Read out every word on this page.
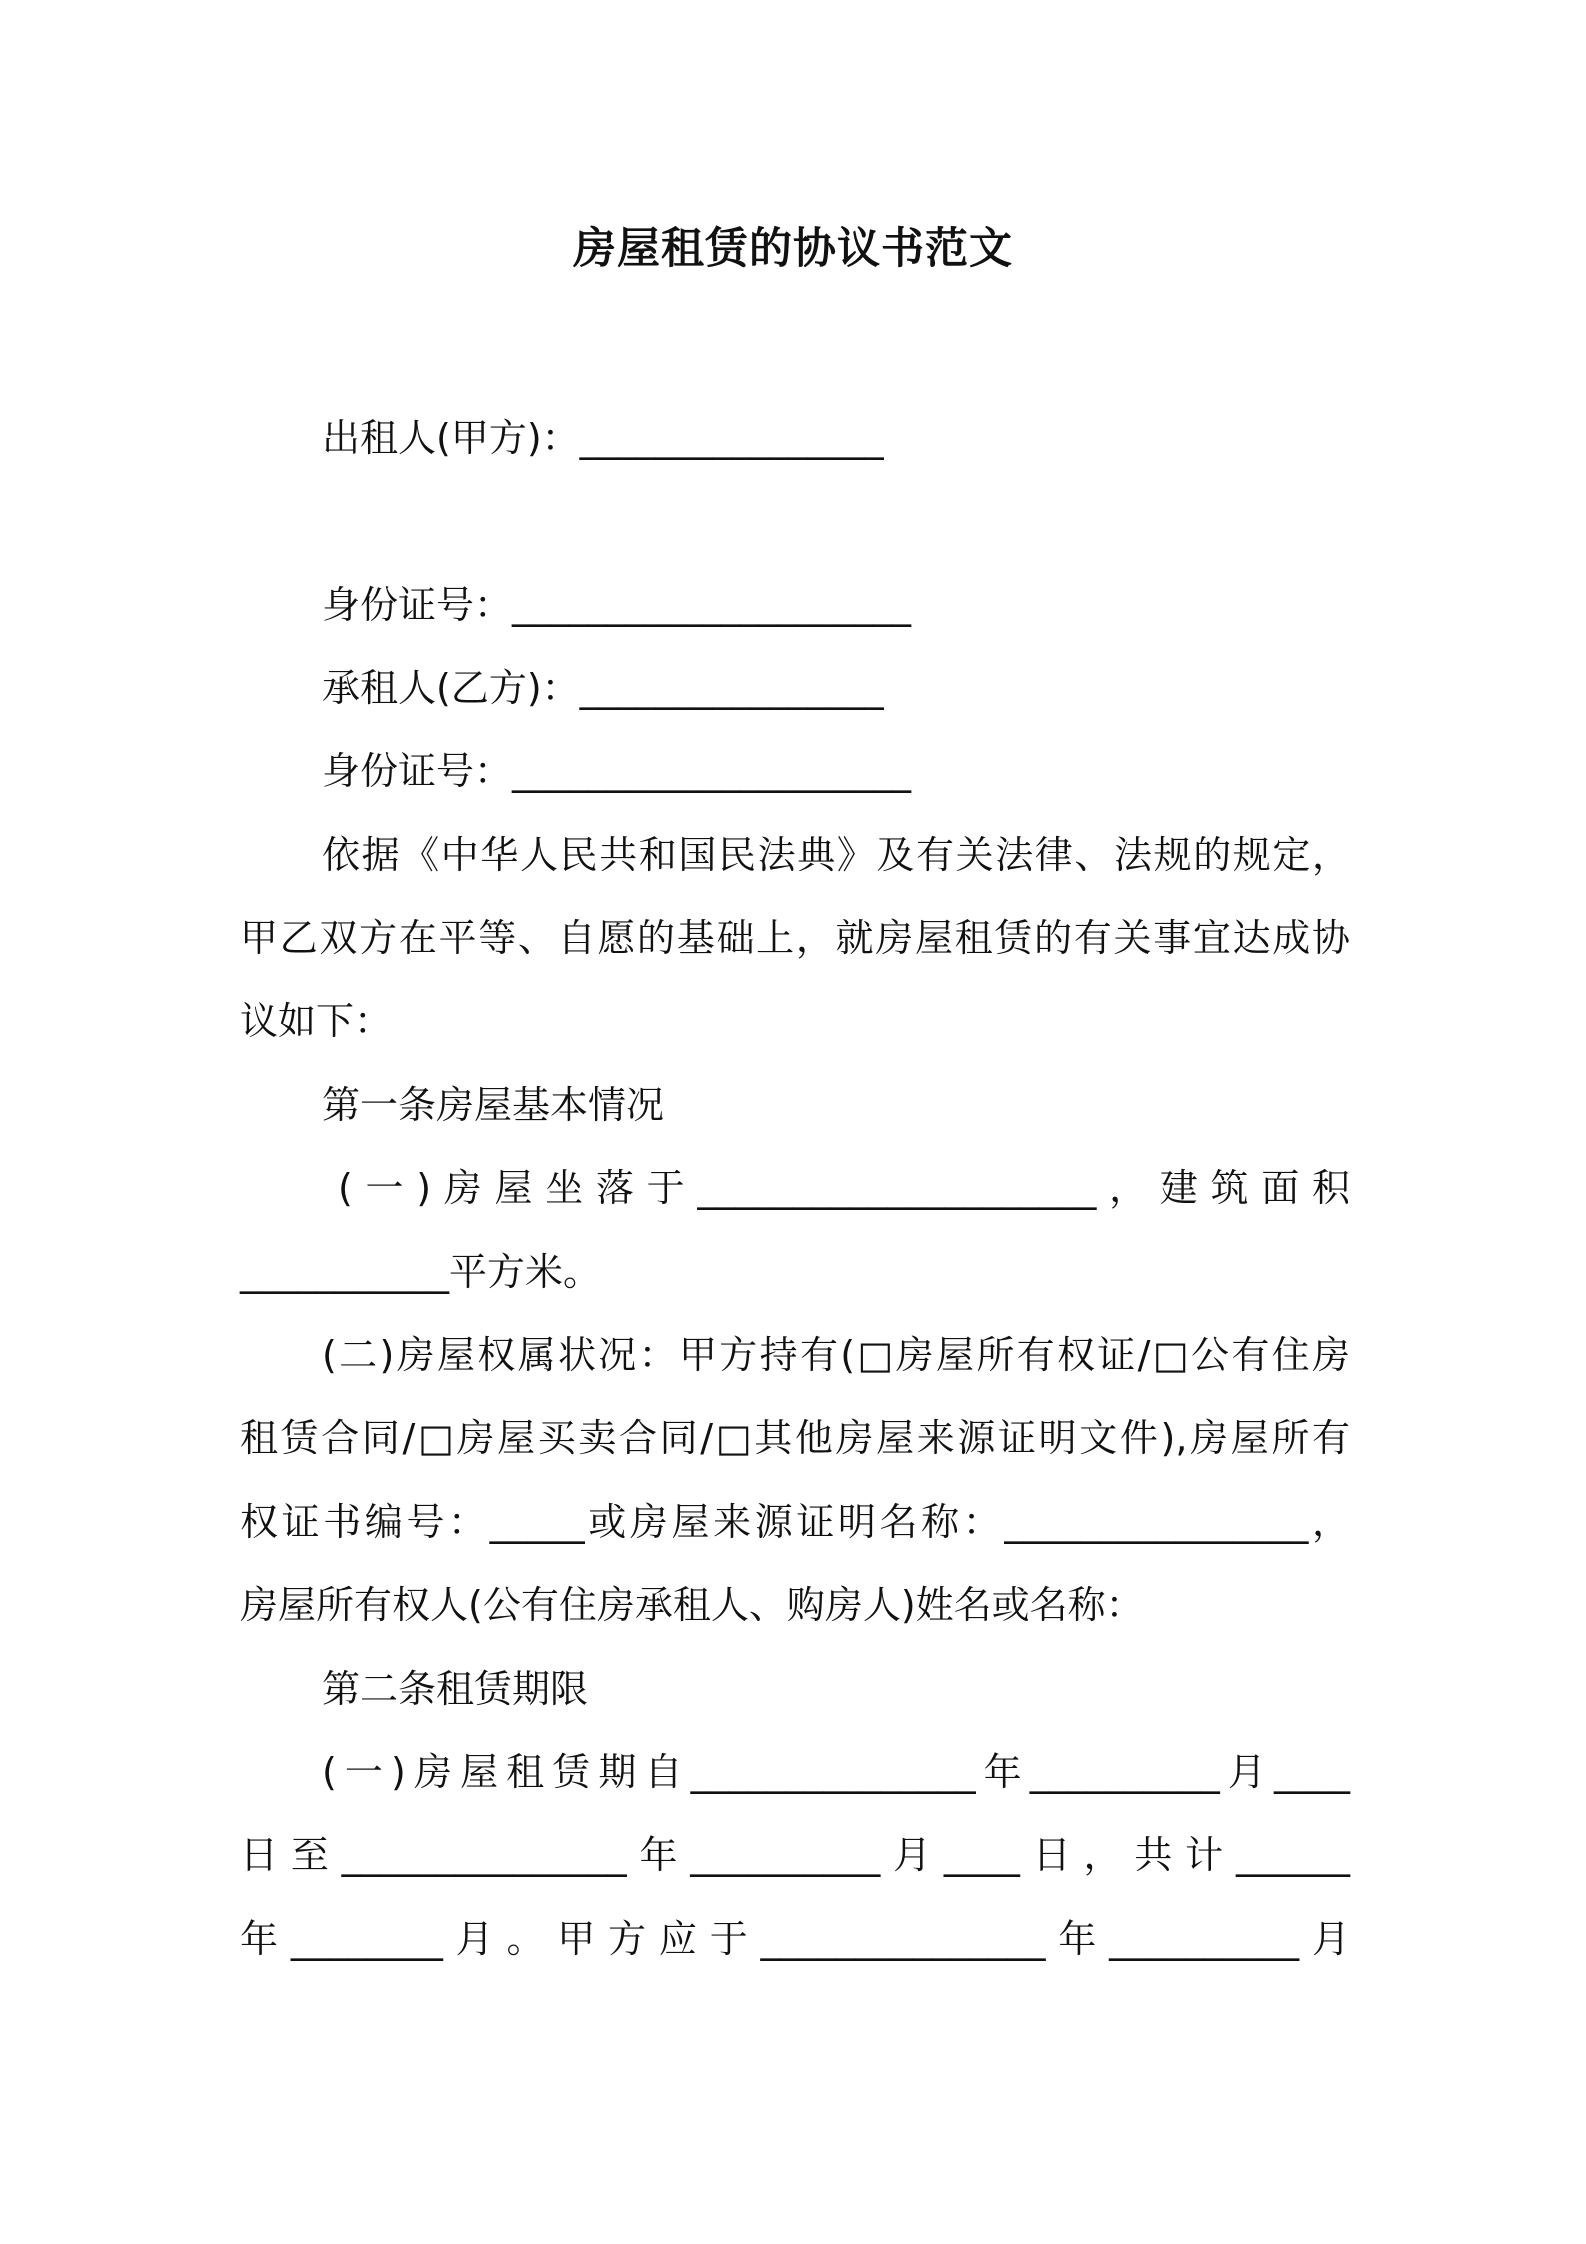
房屋租赁的协议书范文
出租人(甲方)：________________
身份证号：_____________________
承租人(乙方)：________________
身份证号：_____________________
依据《中华人民共和国民法典》及有关法律、法规的规定，
甲乙双方在平等、自愿的基础上，就房屋租赁的有关事宜达成协
议如下：
第一条房屋基本情况
(一)房屋坐落于_____________________，建筑面积
___________平方米。
(二)房屋权属状况：甲方持有(□房屋所有权证/□公有住房
租赁合同/□房屋买卖合同/□其他房屋来源证明文件),房屋所有
权证书编号：_____或房屋来源证明名称：________________，
房屋所有权人(公有住房承租人、购房人)姓名或名称：
第二条租赁期限
(一)房屋租赁期自_______________年__________月____
日至_______________年__________月____日，共计______
年________月。甲方应于_______________年__________月
